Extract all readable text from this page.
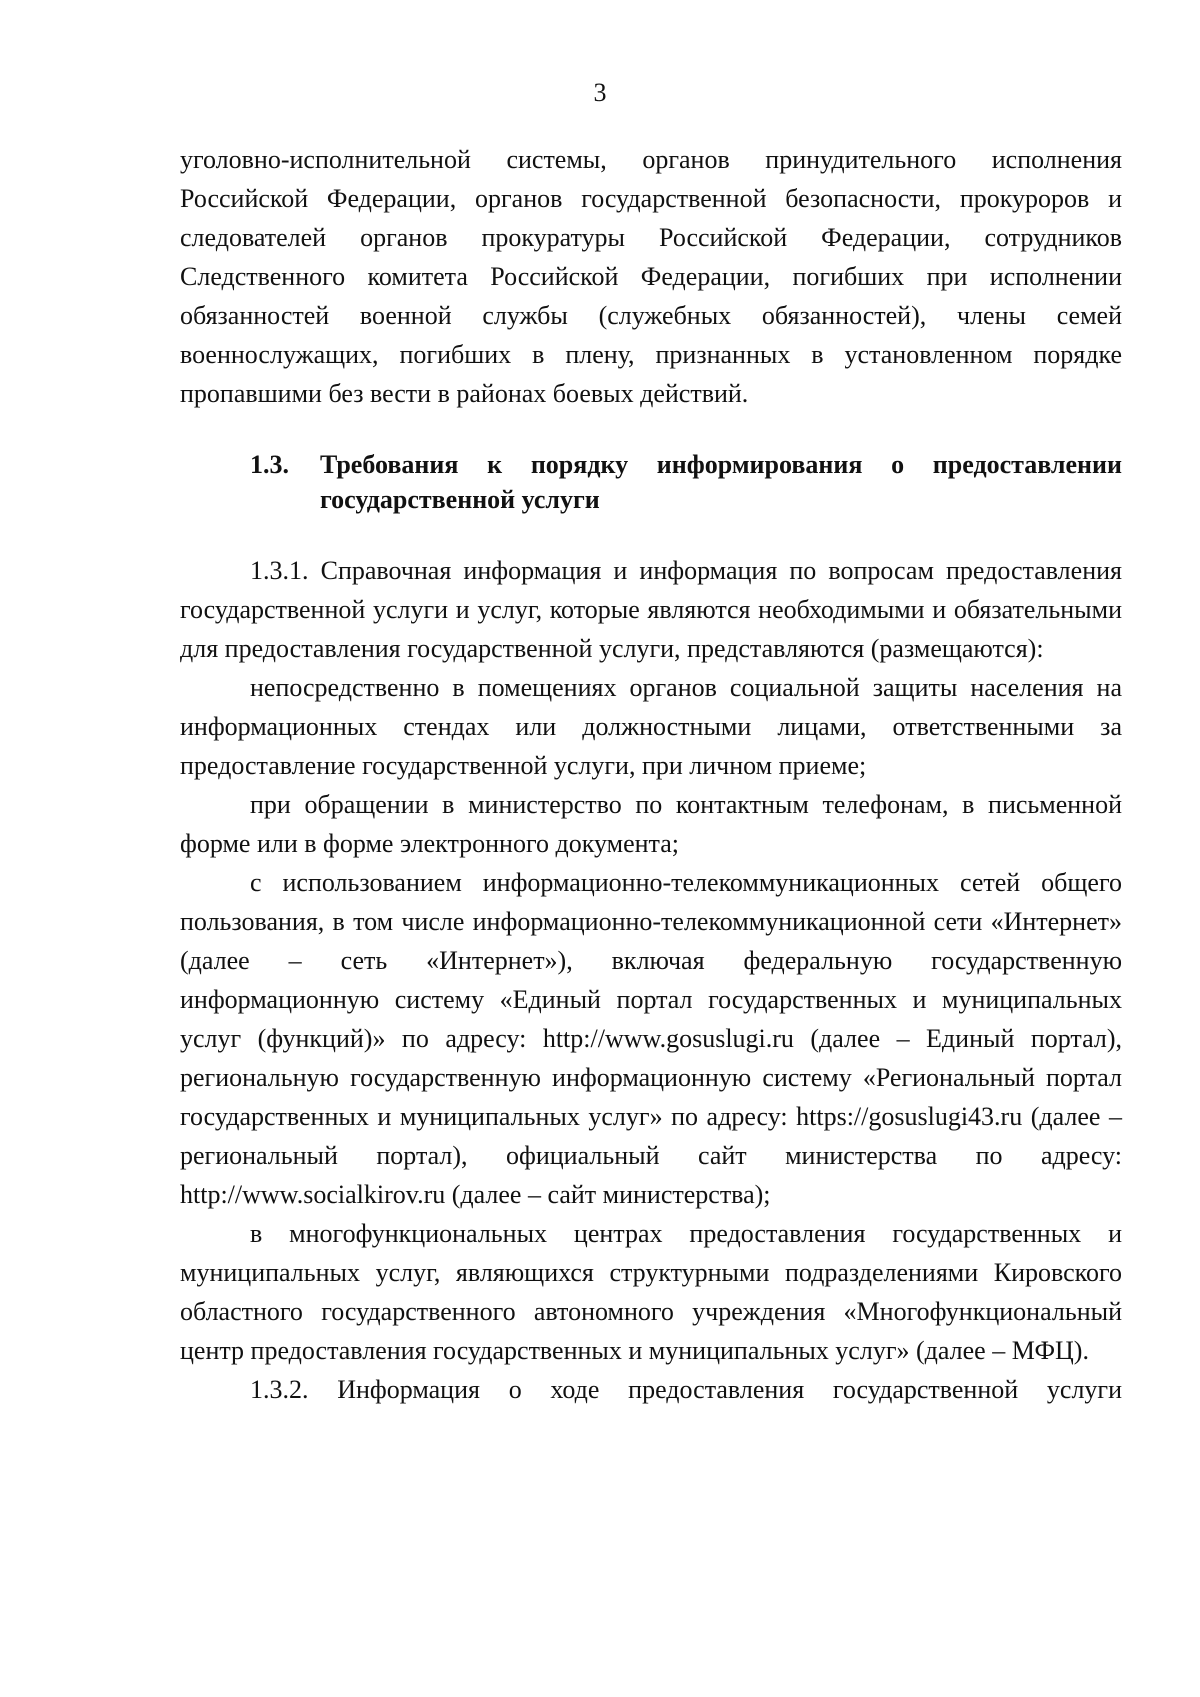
3

уголовно-исполнительной системы, органов принудительного исполнения Российской Федерации, органов государственной безопасности, прокуроров и следователей органов прокуратуры Российской Федерации, сотрудников Следственного комитета Российской Федерации, погибших при исполнении обязанностей военной службы (служебных обязанностей), члены семей военнослужащих, погибших в плену, признанных в установленном порядке пропавшими без вести в районах боевых действий.

1.3.	Требования к порядку информирования о предоставлении государственной услуги

1.3.1. Справочная информация и информация по вопросам предоставления государственной услуги и услуг, которые являются необходимыми и обязательными для предоставления государственной услуги, представляются (размещаются):

непосредственно в помещениях органов социальной защиты населения на информационных стендах или должностными лицами, ответственными за предоставление государственной услуги, при личном приеме;

при обращении в министерство по контактным телефонам, в письменной форме или в форме электронного документа;

с использованием информационно-телекоммуникационных сетей общего пользования, в том числе информационно-телекоммуникационной сети «Интернет» (далее – сеть «Интернет»), включая федеральную государственную информационную систему «Единый портал государственных и муниципальных услуг (функций)» по адресу: http://www.gosuslugi.ru (далее – Единый портал), региональную государственную информационную систему «Региональный портал государственных и муниципальных услуг» по адресу: https://gosuslugi43.ru (далее – региональный портал), официальный сайт министерства по адресу: http://www.socialkirov.ru (далее – сайт министерства);

в многофункциональных центрах предоставления государственных и муниципальных услуг, являющихся структурными подразделениями Кировского областного государственного автономного учреждения «Многофункциональный центр предоставления государственных и муниципальных услуг» (далее – МФЦ).

1.3.2. Информация о ходе предоставления государственной услуги
